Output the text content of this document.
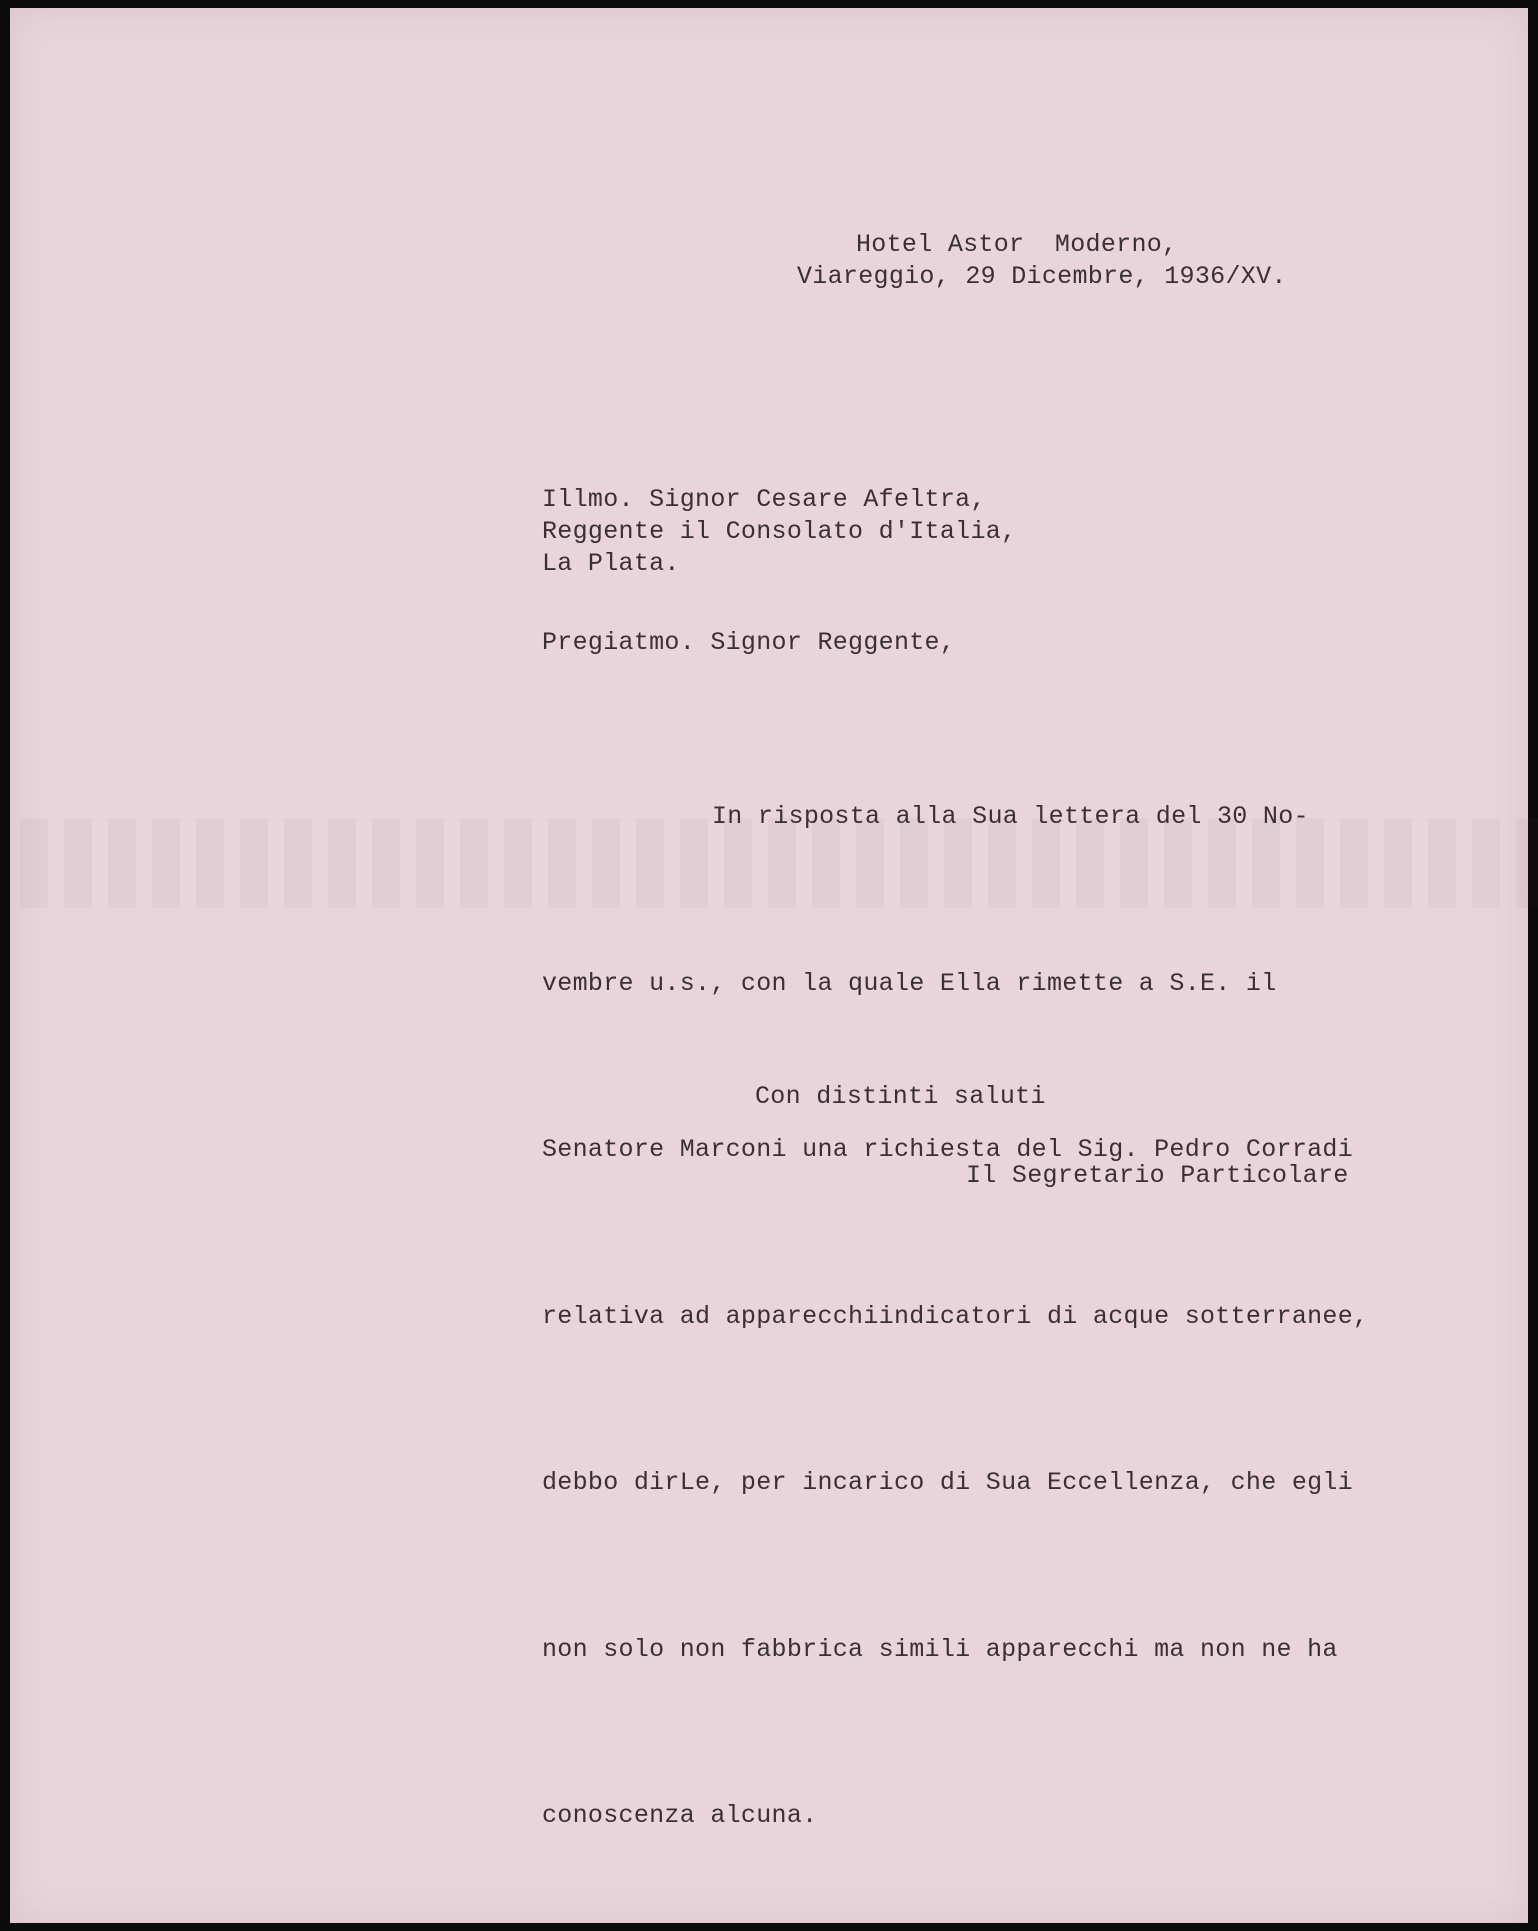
Hotel Astor  Moderno,
Viareggio, 29 Dicembre, 1936/XV.
Illmo. Signor Cesare Afeltra,
Reggente il Consolato d'Italia,
La Plata.
Pregiatmo. Signor Reggente,

In risposta alla Sua lettera del 30 No-

vembre u.s., con la quale Ella rimette a S.E. il

Senatore Marconi una richiesta del Sig. Pedro Corradi

relativa ad apparecchiindicatori di acque sotterranee,

debbo dirLe, per incarico di Sua Eccellenza, che egli

non solo non fabbrica simili apparecchi ma non ne ha

conoscenza alcuna.

Con distinti saluti
Il Segretario Particolare
